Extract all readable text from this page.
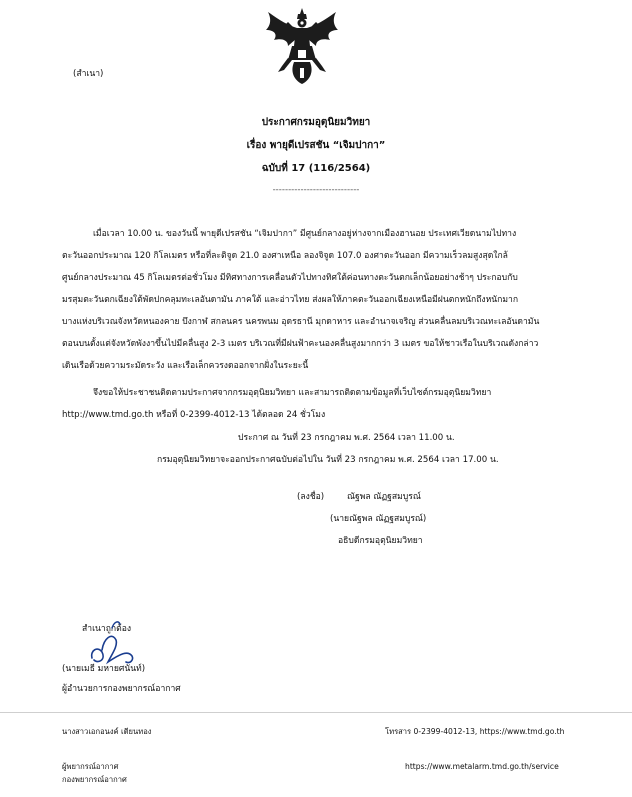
(สำเนา)
ประกาศกรมอุตุนิยมวิทยา
เรื่อง พายุดีเปรสชัน “เจิมปากา”
ฉบับที่ 17 (116/2564)
----------------------------
เมื่อเวลา 10.00 น. ของวันนี้ พายุดีเปรสชัน “เจิมปากา” มีศูนย์กลางอยู่ห่างจากเมืองฮานอย ประเทศเวียดนามไปทาง
ตะวันออกประมาณ 120 กิโลเมตร หรือที่ละติจูด 21.0 องศาเหนือ ลองจิจูด 107.0 องศาตะวันออก มีความเร็วลมสูงสุดใกล้
ศูนย์กลางประมาณ 45 กิโลเมตรต่อชั่วโมง มีทิศทางการเคลื่อนตัวไปทางทิศใต้ค่อนทางตะวันตกเล็กน้อยอย่างช้าๆ ประกอบกับ
มรสุมตะวันตกเฉียงใต้พัดปกคลุมทะเลอันดามัน ภาคใต้ และอ่าวไทย ส่งผลให้ภาคตะวันออกเฉียงเหนือมีฝนตกหนักถึงหนักมาก
บางแห่งบริเวณจังหวัดหนองคาย บึงกาฬ สกลนคร นครพนม อุดรธานี มุกดาหาร และอำนาจเจริญ ส่วนคลื่นลมบริเวณทะเลอันดามัน
ตอนบนตั้งแต่จังหวัดพังงาขึ้นไปมีคลื่นสูง 2-3 เมตร บริเวณที่มีฝนฟ้าคะนองคลื่นสูงมากกว่า 3 เมตร ขอให้ชาวเรือในบริเวณดังกล่าว
เดินเรือด้วยความระมัดระวัง และเรือเล็กควรงดออกจากฝั่งในระยะนี้
จึงขอให้ประชาชนติดตามประกาศจากกรมอุตุนิยมวิทยา และสามารถติดตามข้อมูลที่เว็บไซต์กรมอุตุนิยมวิทยา
http://www.tmd.go.th หรือที่ 0-2399-4012-13 ได้ตลอด 24 ชั่วโมง
ประกาศ ณ วันที่ 23 กรกฎาคม พ.ศ. 2564 เวลา 11.00 น.
กรมอุตุนิยมวิทยาจะออกประกาศฉบับต่อไปใน วันที่ 23 กรกฎาคม พ.ศ. 2564 เวลา 17.00 น.
(ลงชื่อ)	ณัฐพล ณัฏฐสมบูรณ์
(นายณัฐพล ณัฏฐสมบูรณ์)
อธิบดีกรมอุตุนิยมวิทยา
สำเนาถูกต้อง
(นายเมธี มหายศนันท์)
ผู้อำนวยการกองพยากรณ์อากาศ
นางสาวเอกอนงค์ เตียนทอง	โทรสาร 0-2399-4012-13, https://www.tmd.go.th
ผู้พยากรณ์อากาศ
กองพยากรณ์อากาศ
https://www.metalarm.tmd.go.th/service
